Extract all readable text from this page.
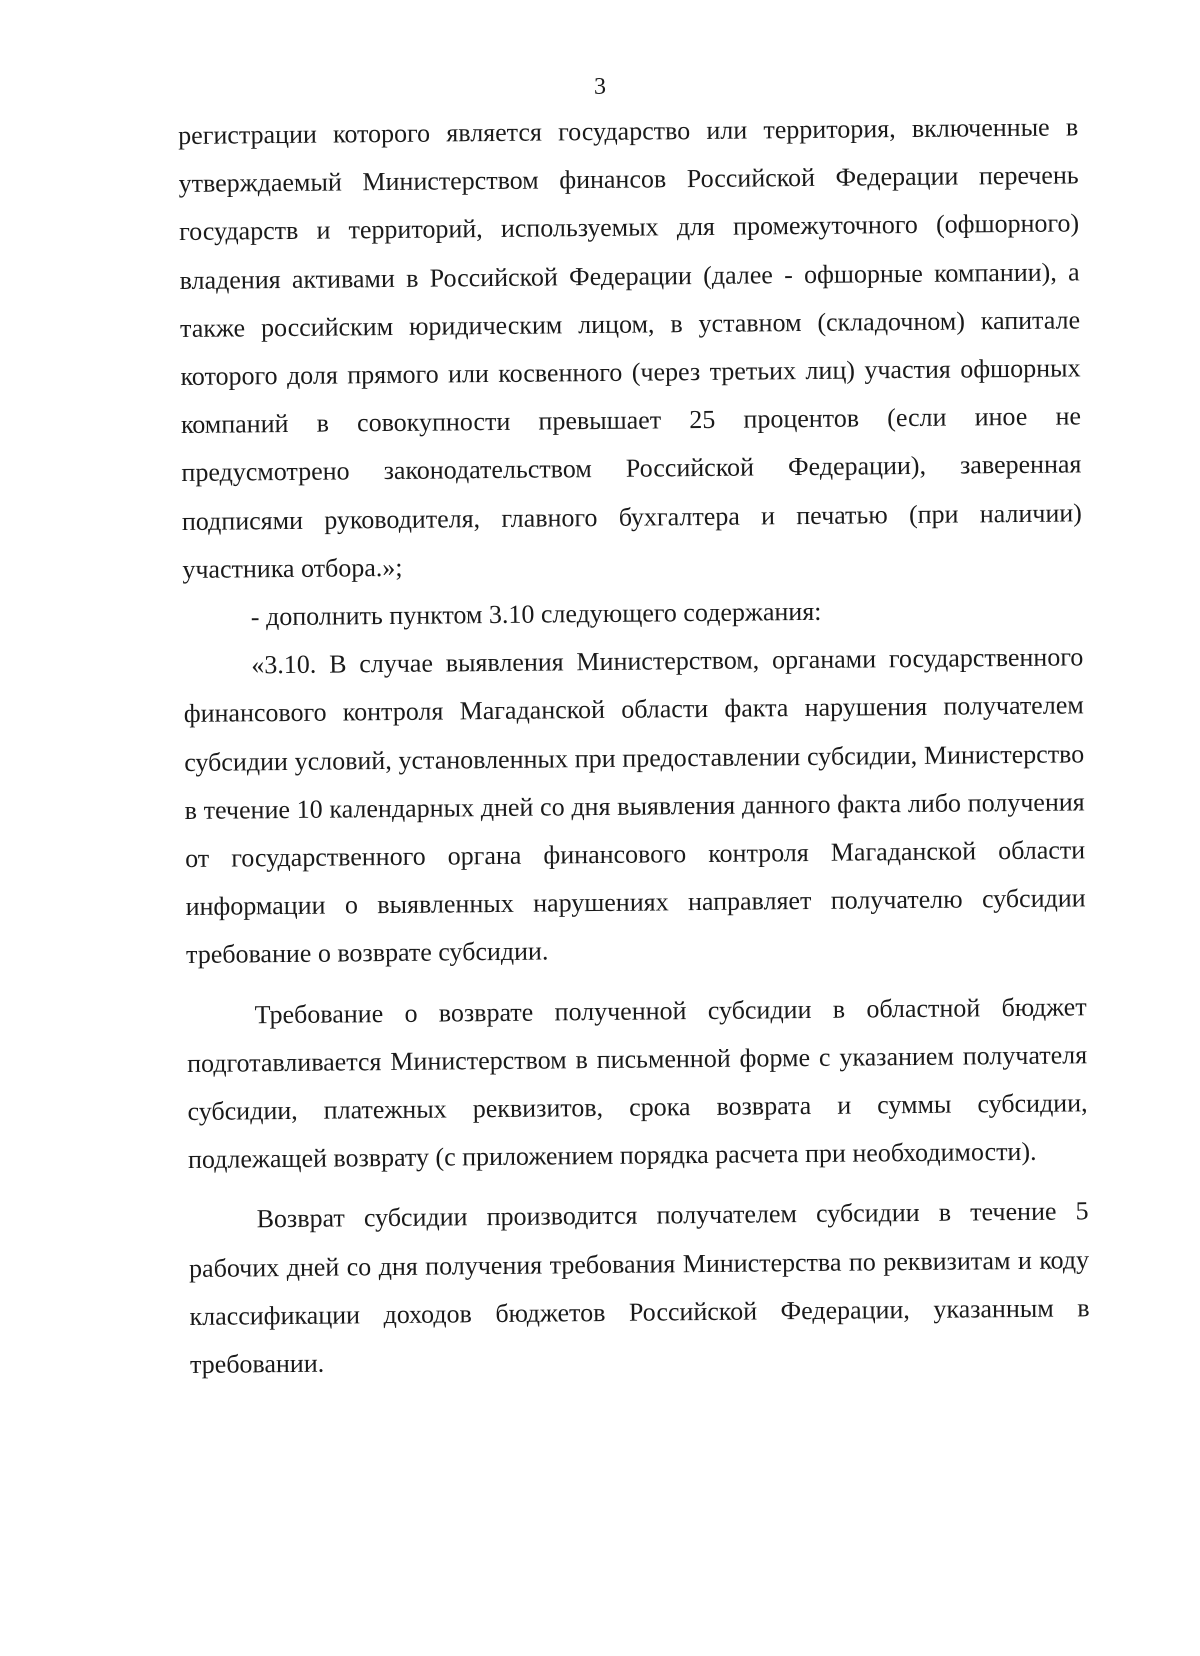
3

регистрации которого является государство или территория, включенные в утверждаемый Министерством финансов Российской Федерации перечень государств и территорий, используемых для промежуточного (офшорного) владения активами в Российской Федерации (далее - офшорные компании), а также российским юридическим лицом, в уставном (складочном) капитале которого доля прямого или косвенного (через третьих лиц) участия офшорных компаний в совокупности превышает 25 процентов (если иное не предусмотрено законодательством Российской Федерации), заверенная подписями руководителя, главного бухгалтера и печатью (при наличии) участника отбора.»;

- дополнить пунктом 3.10 следующего содержания:

«3.10. В случае выявления Министерством, органами государственного финансового контроля Магаданской области факта нарушения получателем субсидии условий, установленных при предоставлении субсидии, Министерство в течение 10 календарных дней со дня выявления данного факта либо получения от государственного органа финансового контроля Магаданской области информации о выявленных нарушениях направляет получателю субсидии требование о возврате субсидии.

Требование о возврате полученной субсидии в областной бюджет подготавливается Министерством в письменной форме с указанием получателя субсидии, платежных реквизитов, срока возврата и суммы субсидии, подлежащей возврату (с приложением порядка расчета при необходимости).

Возврат субсидии производится получателем субсидии в течение 5 рабочих дней со дня получения требования Министерства по реквизитам и коду классификации доходов бюджетов Российской Федерации, указанным в требовании.
